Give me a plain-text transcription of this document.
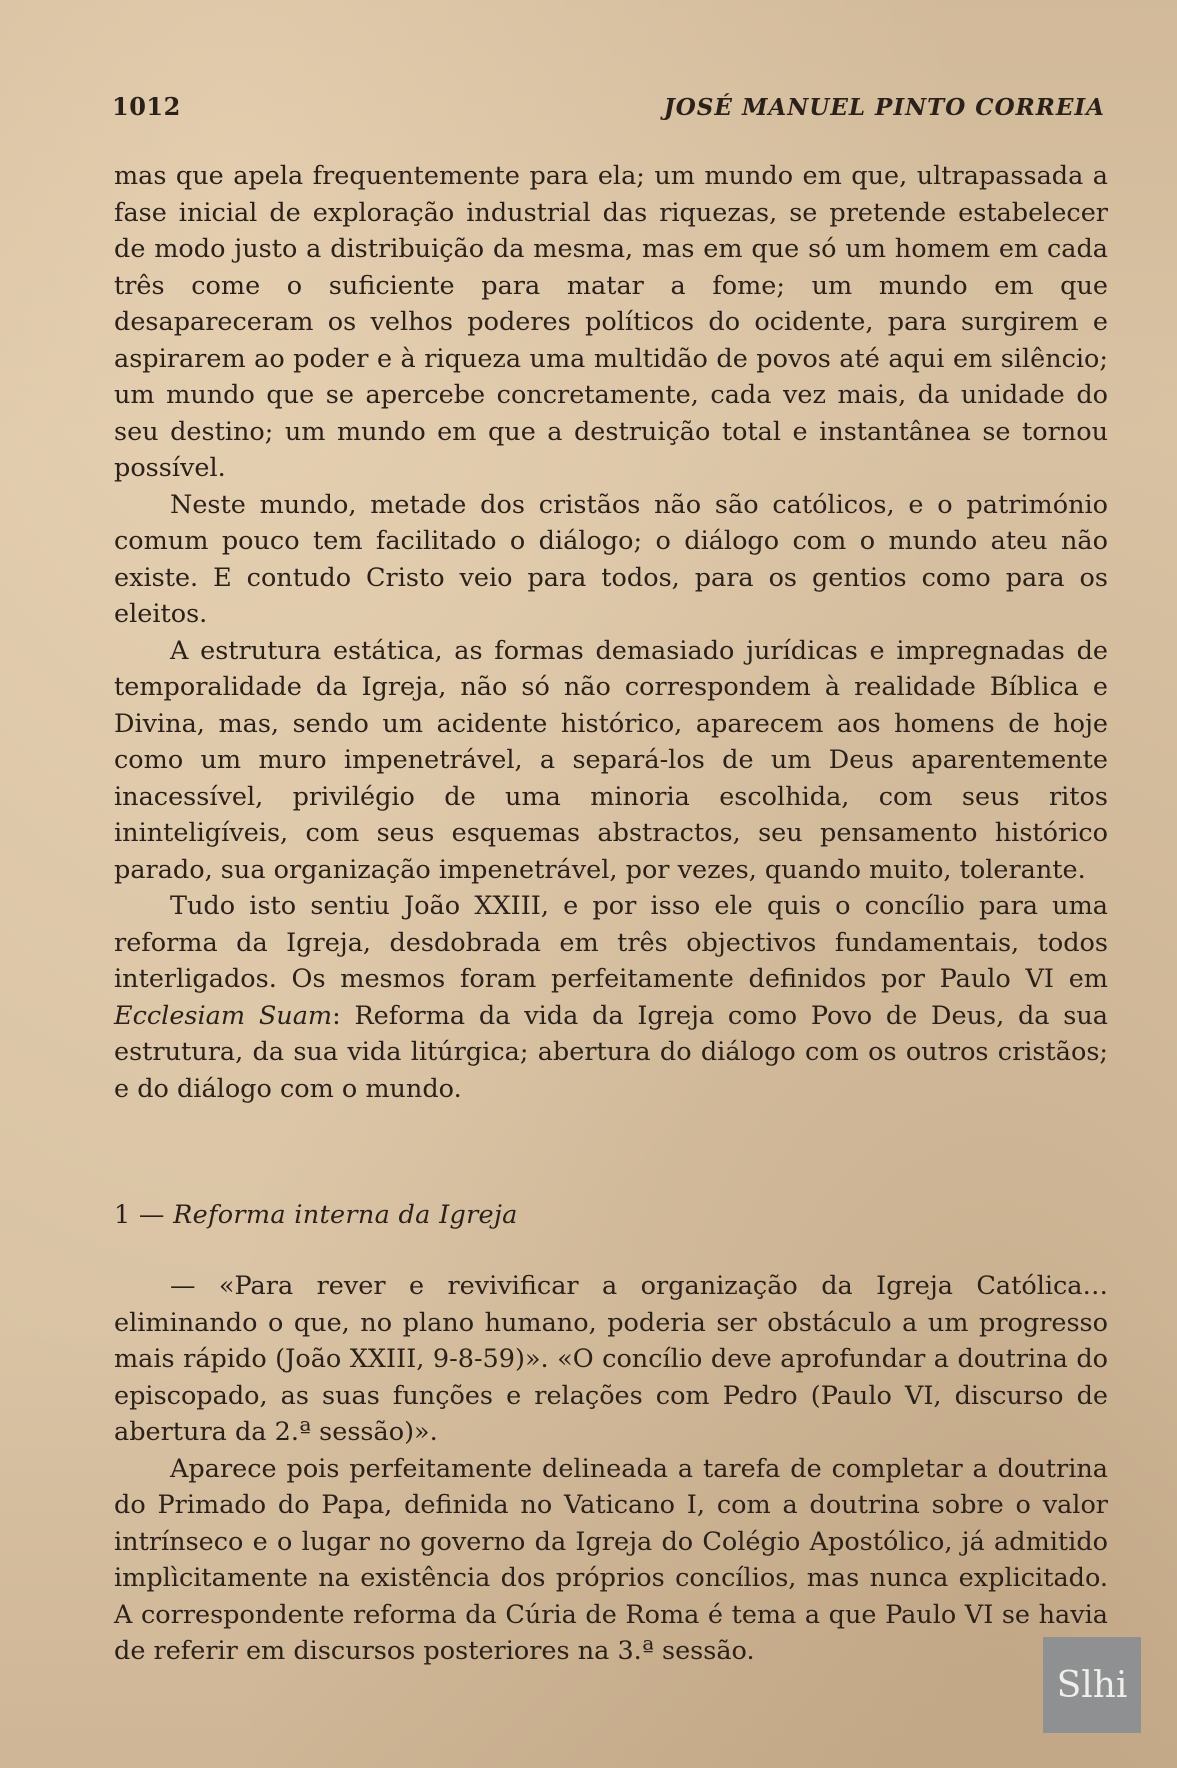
1012	JOSÉ MANUEL PINTO CORREIA

mas que apela frequentemente para ela; um mundo em que, ultrapassada a fase inicial de exploração industrial das riquezas, se pretende estabelecer de modo justo a distribuição da mesma, mas em que só um homem em cada três come o suficiente para matar a fome; um mundo em que desapareceram os velhos poderes políticos do ocidente, para surgirem e aspirarem ao poder e à riqueza uma multidão de povos até aqui em silêncio; um mundo que se apercebe concretamente, cada vez mais, da unidade do seu destino; um mundo em que a destruição total e instantânea se tornou possível.

Neste mundo, metade dos cristãos não são católicos, e o património comum pouco tem facilitado o diálogo; o diálogo com o mundo ateu não existe. E contudo Cristo veio para todos, para os gentios como para os eleitos.

A estrutura estática, as formas demasiado jurídicas e impregnadas de temporalidade da Igreja, não só não correspondem à realidade Bíblica e Divina, mas, sendo um acidente histórico, aparecem aos homens de hoje como um muro impenetrável, a separá-los de um Deus aparentemente inacessível, privilégio de uma minoria escolhida, com seus ritos ininteligíveis, com seus esquemas abstractos, seu pensamento histórico parado, sua organização impenetrável, por vezes, quando muito, tolerante.

Tudo isto sentiu João XXIII, e por isso ele quis o concílio para uma reforma da Igreja, desdobrada em três objectivos fundamentais, todos interligados. Os mesmos foram perfeitamente definidos por Paulo VI em Ecclesiam Suam: Reforma da vida da Igreja como Povo de Deus, da sua estrutura, da sua vida litúrgica; abertura do diálogo com os outros cristãos; e do diálogo com o mundo.

1 — Reforma interna da Igreja

— «Para rever e revivificar a organização da Igreja Católica… eliminando o que, no plano humano, poderia ser obstáculo a um progresso mais rápido (João XXIII, 9-8-59)». «O concílio deve aprofundar a doutrina do episcopado, as suas funções e relações com Pedro (Paulo VI, discurso de abertura da 2.ª sessão)».

Aparece pois perfeitamente delineada a tarefa de completar a doutrina do Primado do Papa, definida no Vaticano I, com a doutrina sobre o valor intrínseco e o lugar no governo da Igreja do Colégio Apostólico, já admitido implìcitamente na existência dos próprios concílios, mas nunca explicitado. A correspondente reforma da Cúria de Roma é tema a que Paulo VI se havia de referir em discursos posteriores na 3.ª sessão.

Slhi
